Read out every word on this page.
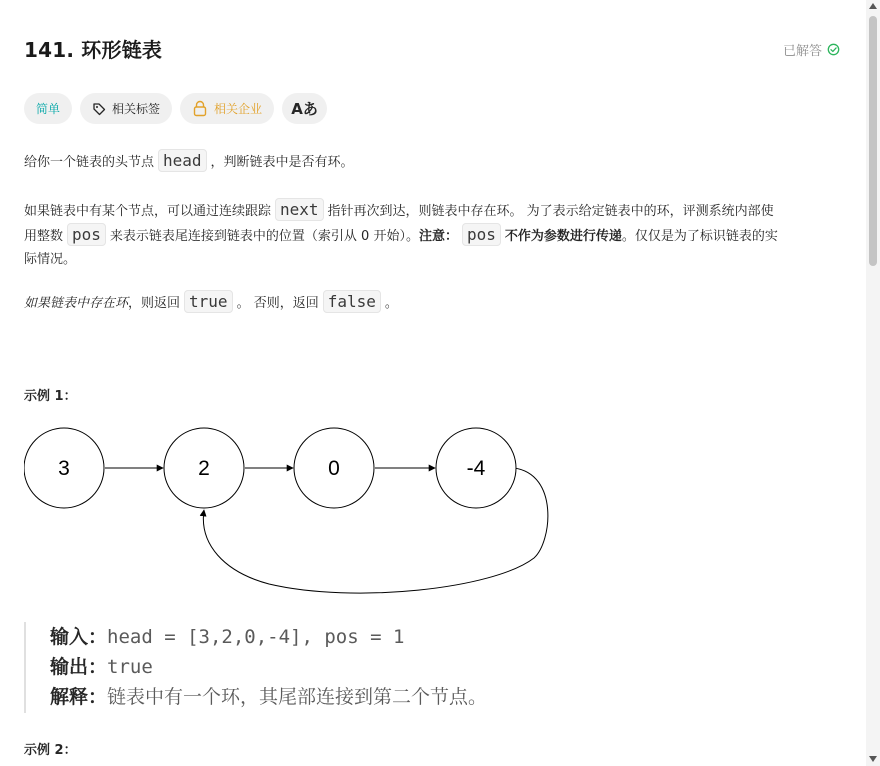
141. 环形链表	已解答
简单	相关标签	相关企业 Aあ
给你一个链表的头节点 head ，判断链表中是否有环。
如果链表中有某个节点，可以通过连续跟踪 next 指针再次到达，则链表中存在环。 为了表示给定链表中的环，评测系统内部使
用整数 pos 来表示链表尾连接到链表中的位置（索引从 0 开始）。注意： pos 不作为参数进行传递。仅仅是为了标识链表的实
际情况。
如果链表中存在环，则返回 true 。 否则，返回 false 。
示例 1：
3	2	0	-4
输入：head = [3,2,0,-4], pos = 1
输出：true
解释：链表中有一个环，其尾部连接到第二个节点。
示例 2：
